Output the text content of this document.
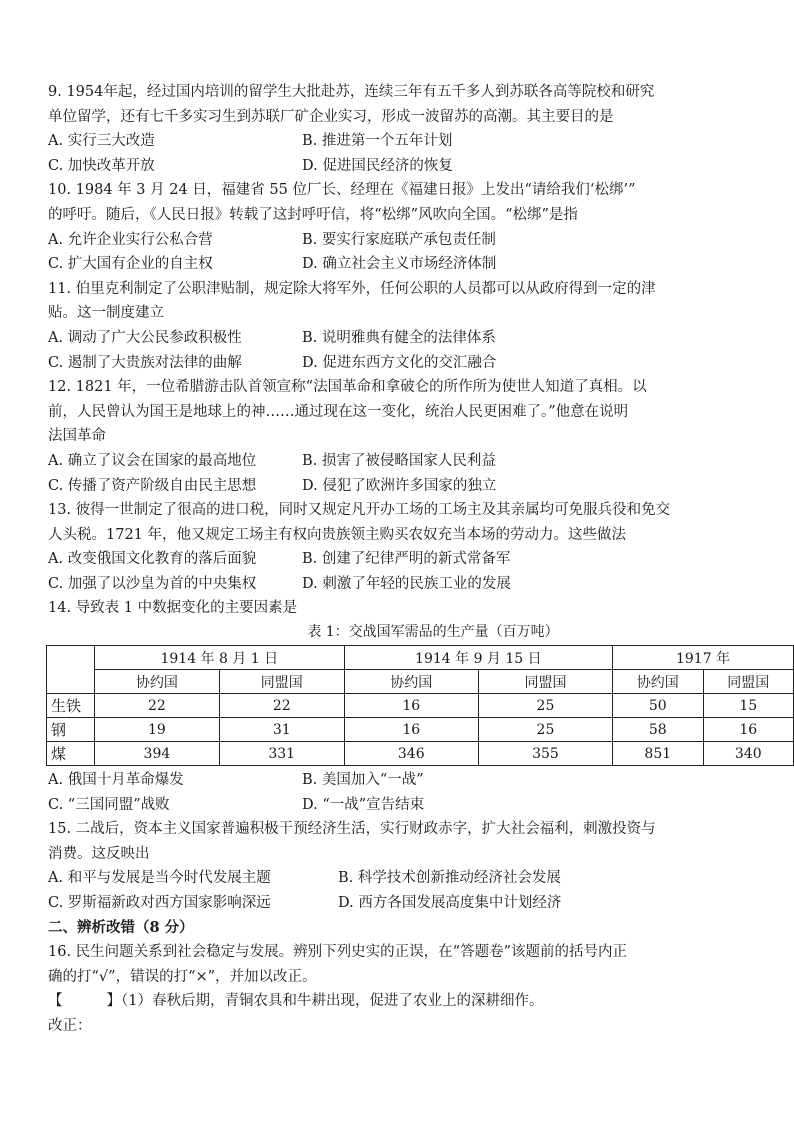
9. 1954年起，经过国内培训的留学生大批赴苏，连续三年有五千多人到苏联各高等院校和研究
单位留学，还有七千多实习生到苏联厂矿企业实习，形成一波留苏的高潮。其主要目的是
A. 实行三大改造	B. 推进第一个五年计划
C. 加快改革开放	D. 促进国民经济的恢复
10. 1984 年 3 月 24 日，福建省 55 位厂长、经理在《福建日报》上发出“请给我们‘松绑’”
的呼吁。随后，《人民日报》转载了这封呼吁信，将“松绑”风吹向全国。“松绑”是指
A. 允许企业实行公私合营	B. 要实行家庭联产承包责任制
C. 扩大国有企业的自主权	D. 确立社会主义市场经济体制
11. 伯里克利制定了公职津贴制，规定除大将军外，任何公职的人员都可以从政府得到一定的津
贴。这一制度建立
A. 调动了广大公民参政积极性	B. 说明雅典有健全的法律体系
C. 遏制了大贵族对法律的曲解	D. 促进东西方文化的交汇融合
12. 1821 年，一位希腊游击队首领宣称“法国革命和拿破仑的所作所为使世人知道了真相。以
前，人民曾认为国王是地球上的神……通过现在这一变化，统治人民更困难了。”他意在说明
法国革命
A. 确立了议会在国家的最高地位	B. 损害了被侵略国家人民利益
C. 传播了资产阶级自由民主思想	D. 侵犯了欧洲许多国家的独立
13. 彼得一世制定了很高的进口税，同时又规定凡开办工场的工场主及其亲属均可免服兵役和免交
人头税。1721 年，他又规定工场主有权向贵族领主购买农奴充当本场的劳动力。这些做法
A. 改变俄国文化教育的落后面貌	B. 创建了纪律严明的新式常备军
C. 加强了以沙皇为首的中央集权	D. 刺激了年轻的民族工业的发展
14. 导致表 1 中数据变化的主要因素是
表 1：交战国军需品的生产量（百万吨）
	1914 年 8 月 1 日		1914 年 9 月 15 日		1917 年	
	协约国	同盟国	协约国	同盟国	协约国	同盟国
生铁	22	22	16	25	50	15
钢	19	31	16	25	58	16
煤	394	331	346	355	851	340
A. 俄国十月革命爆发	B. 美国加入“一战”
C. “三国同盟”战败	D. “一战”宣告结束
15. 二战后，资本主义国家普遍积极干预经济生活，实行财政赤字，扩大社会福利，刺激投资与
消费。这反映出
A. 和平与发展是当今时代发展主题	B. 科学技术创新推动经济社会发展
C. 罗斯福新政对西方国家影响深远	D. 西方各国发展高度集中计划经济
二、辨析改错（8 分）
16. 民生问题关系到社会稳定与发展。辨别下列史实的正误，在“答题卷”该题前的括号内正
确的打“√”，错误的打“×”，并加以改正。
【	】（1）春秋后期，青铜农具和牛耕出现，促进了农业上的深耕细作。
改正：
